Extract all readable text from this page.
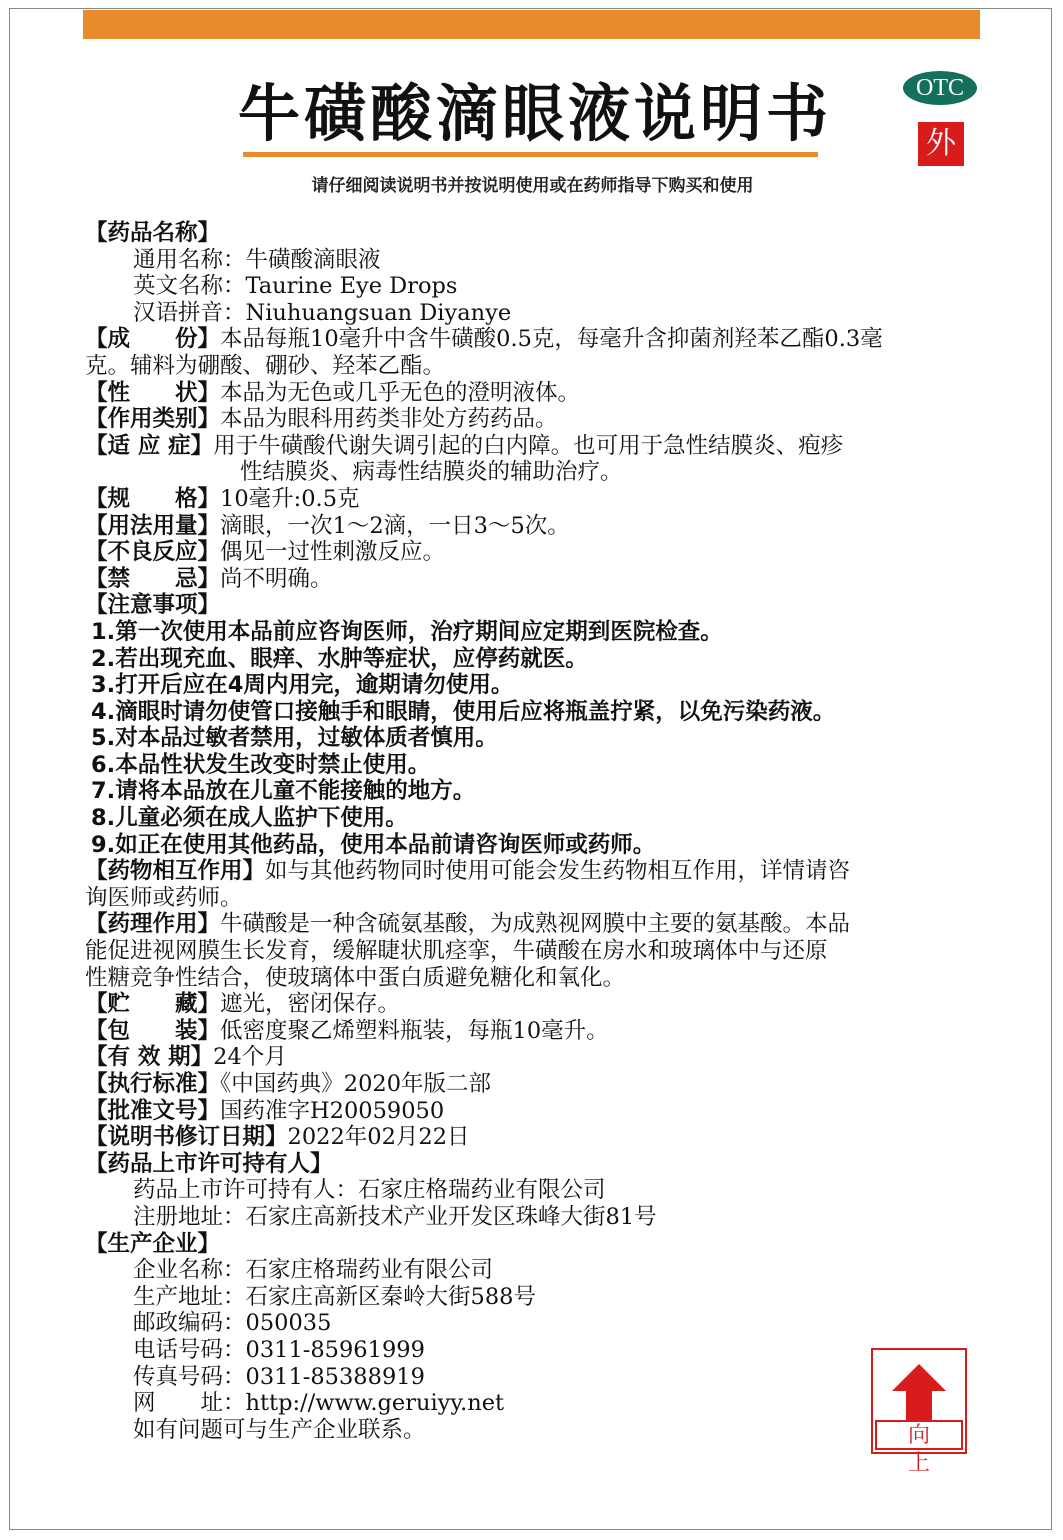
牛磺酸滴眼液说明书	OTC
外
请仔细阅读说明书并按说明使用或在药师指导下购买和使用
【药品名称】
通用名称：牛磺酸滴眼液
英文名称：Taurine Eye Drops
汉语拼音：Niuhuangsuan Diyanye
【成　　份】本品每瓶10毫升中含牛磺酸0.5克，每毫升含抑菌剂羟苯乙酯0.3毫
克。辅料为硼酸、硼砂、羟苯乙酯。
【性　　状】本品为无色或几乎无色的澄明液体。
【作用类别】本品为眼科用药类非处方药药品。
【适 应 症】用于牛磺酸代谢失调引起的白内障。也可用于急性结膜炎、疱疹
性结膜炎、病毒性结膜炎的辅助治疗。
【规　　格】10毫升:0.5克
【用法用量】滴眼，一次1～2滴，一日3～5次。
【不良反应】偶见一过性刺激反应。
【禁　　忌】尚不明确。
【注意事项】
1.第一次使用本品前应咨询医师，治疗期间应定期到医院检查。
2.若出现充血、眼痒、水肿等症状，应停药就医。
3.打开后应在4周内用完，逾期请勿使用。
4.滴眼时请勿使管口接触手和眼睛，使用后应将瓶盖拧紧，以免污染药液。
5.对本品过敏者禁用，过敏体质者慎用。
6.本品性状发生改变时禁止使用。
7.请将本品放在儿童不能接触的地方。
8.儿童必须在成人监护下使用。
9.如正在使用其他药品，使用本品前请咨询医师或药师。
【药物相互作用】如与其他药物同时使用可能会发生药物相互作用，详情请咨
询医师或药师。
【药理作用】牛磺酸是一种含硫氨基酸，为成熟视网膜中主要的氨基酸。本品
能促进视网膜生长发育，缓解睫状肌痉挛，牛磺酸在房水和玻璃体中与还原
性糖竞争性结合，使玻璃体中蛋白质避免糖化和氧化。
【贮　　藏】遮光，密闭保存。
【包　　装】低密度聚乙烯塑料瓶装，每瓶10毫升。
【有 效 期】24个月
【执行标准】《中国药典》2020年版二部
【批准文号】国药准字H20059050
【说明书修订日期】2022年02月22日
【药品上市许可持有人】
药品上市许可持有人：石家庄格瑞药业有限公司
注册地址：石家庄高新技术产业开发区珠峰大街81号
【生产企业】
企业名称：石家庄格瑞药业有限公司
生产地址：石家庄高新区秦岭大街588号
邮政编码：050035
电话号码：0311-85961999
传真号码：0311-85388919
网　　址：http://www.geruiyy.net
如有问题可与生产企业联系。	向上
